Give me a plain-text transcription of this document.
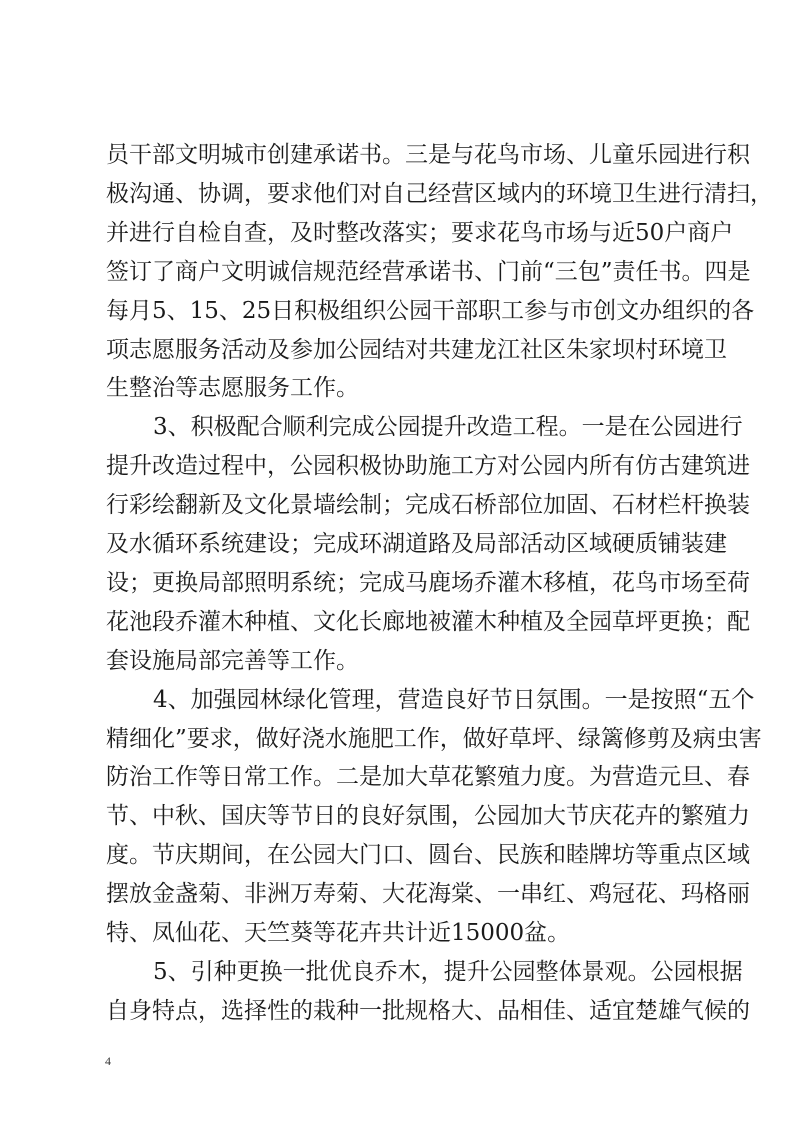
员干部文明城市创建承诺书。三是与花鸟市场、儿童乐园进行积
极沟通、协调，要求他们对自己经营区域内的环境卫生进行清扫，
并进行自检自查，及时整改落实；要求花鸟市场与近50户商户
签订了商户文明诚信规范经营承诺书、门前“三包”责任书。四是
每月5、15、25日积极组织公园干部职工参与市创文办组织的各
项志愿服务活动及参加公园结对共建龙江社区朱家坝村环境卫
生整治等志愿服务工作。
3、积极配合顺利完成公园提升改造工程。一是在公园进行
提升改造过程中，公园积极协助施工方对公园内所有仿古建筑进
行彩绘翻新及文化景墙绘制；完成石桥部位加固、石材栏杆换装
及水循环系统建设；完成环湖道路及局部活动区域硬质铺装建
设；更换局部照明系统；完成马鹿场乔灌木移植，花鸟市场至荷
花池段乔灌木种植、文化长廊地被灌木种植及全园草坪更换；配
套设施局部完善等工作。
4、加强园林绿化管理，营造良好节日氛围。一是按照“五个
精细化”要求，做好浇水施肥工作，做好草坪、绿篱修剪及病虫害
防治工作等日常工作。二是加大草花繁殖力度。为营造元旦、春
节、中秋、国庆等节日的良好氛围，公园加大节庆花卉的繁殖力
度。节庆期间，在公园大门口、圆台、民族和睦牌坊等重点区域
摆放金盏菊、非洲万寿菊、大花海棠、一串红、鸡冠花、玛格丽
特、凤仙花、天竺葵等花卉共计近15000盆。
5、引种更换一批优良乔木，提升公园整体景观。公园根据
自身特点，选择性的栽种一批规格大、品相佳、适宜楚雄气候的
4
